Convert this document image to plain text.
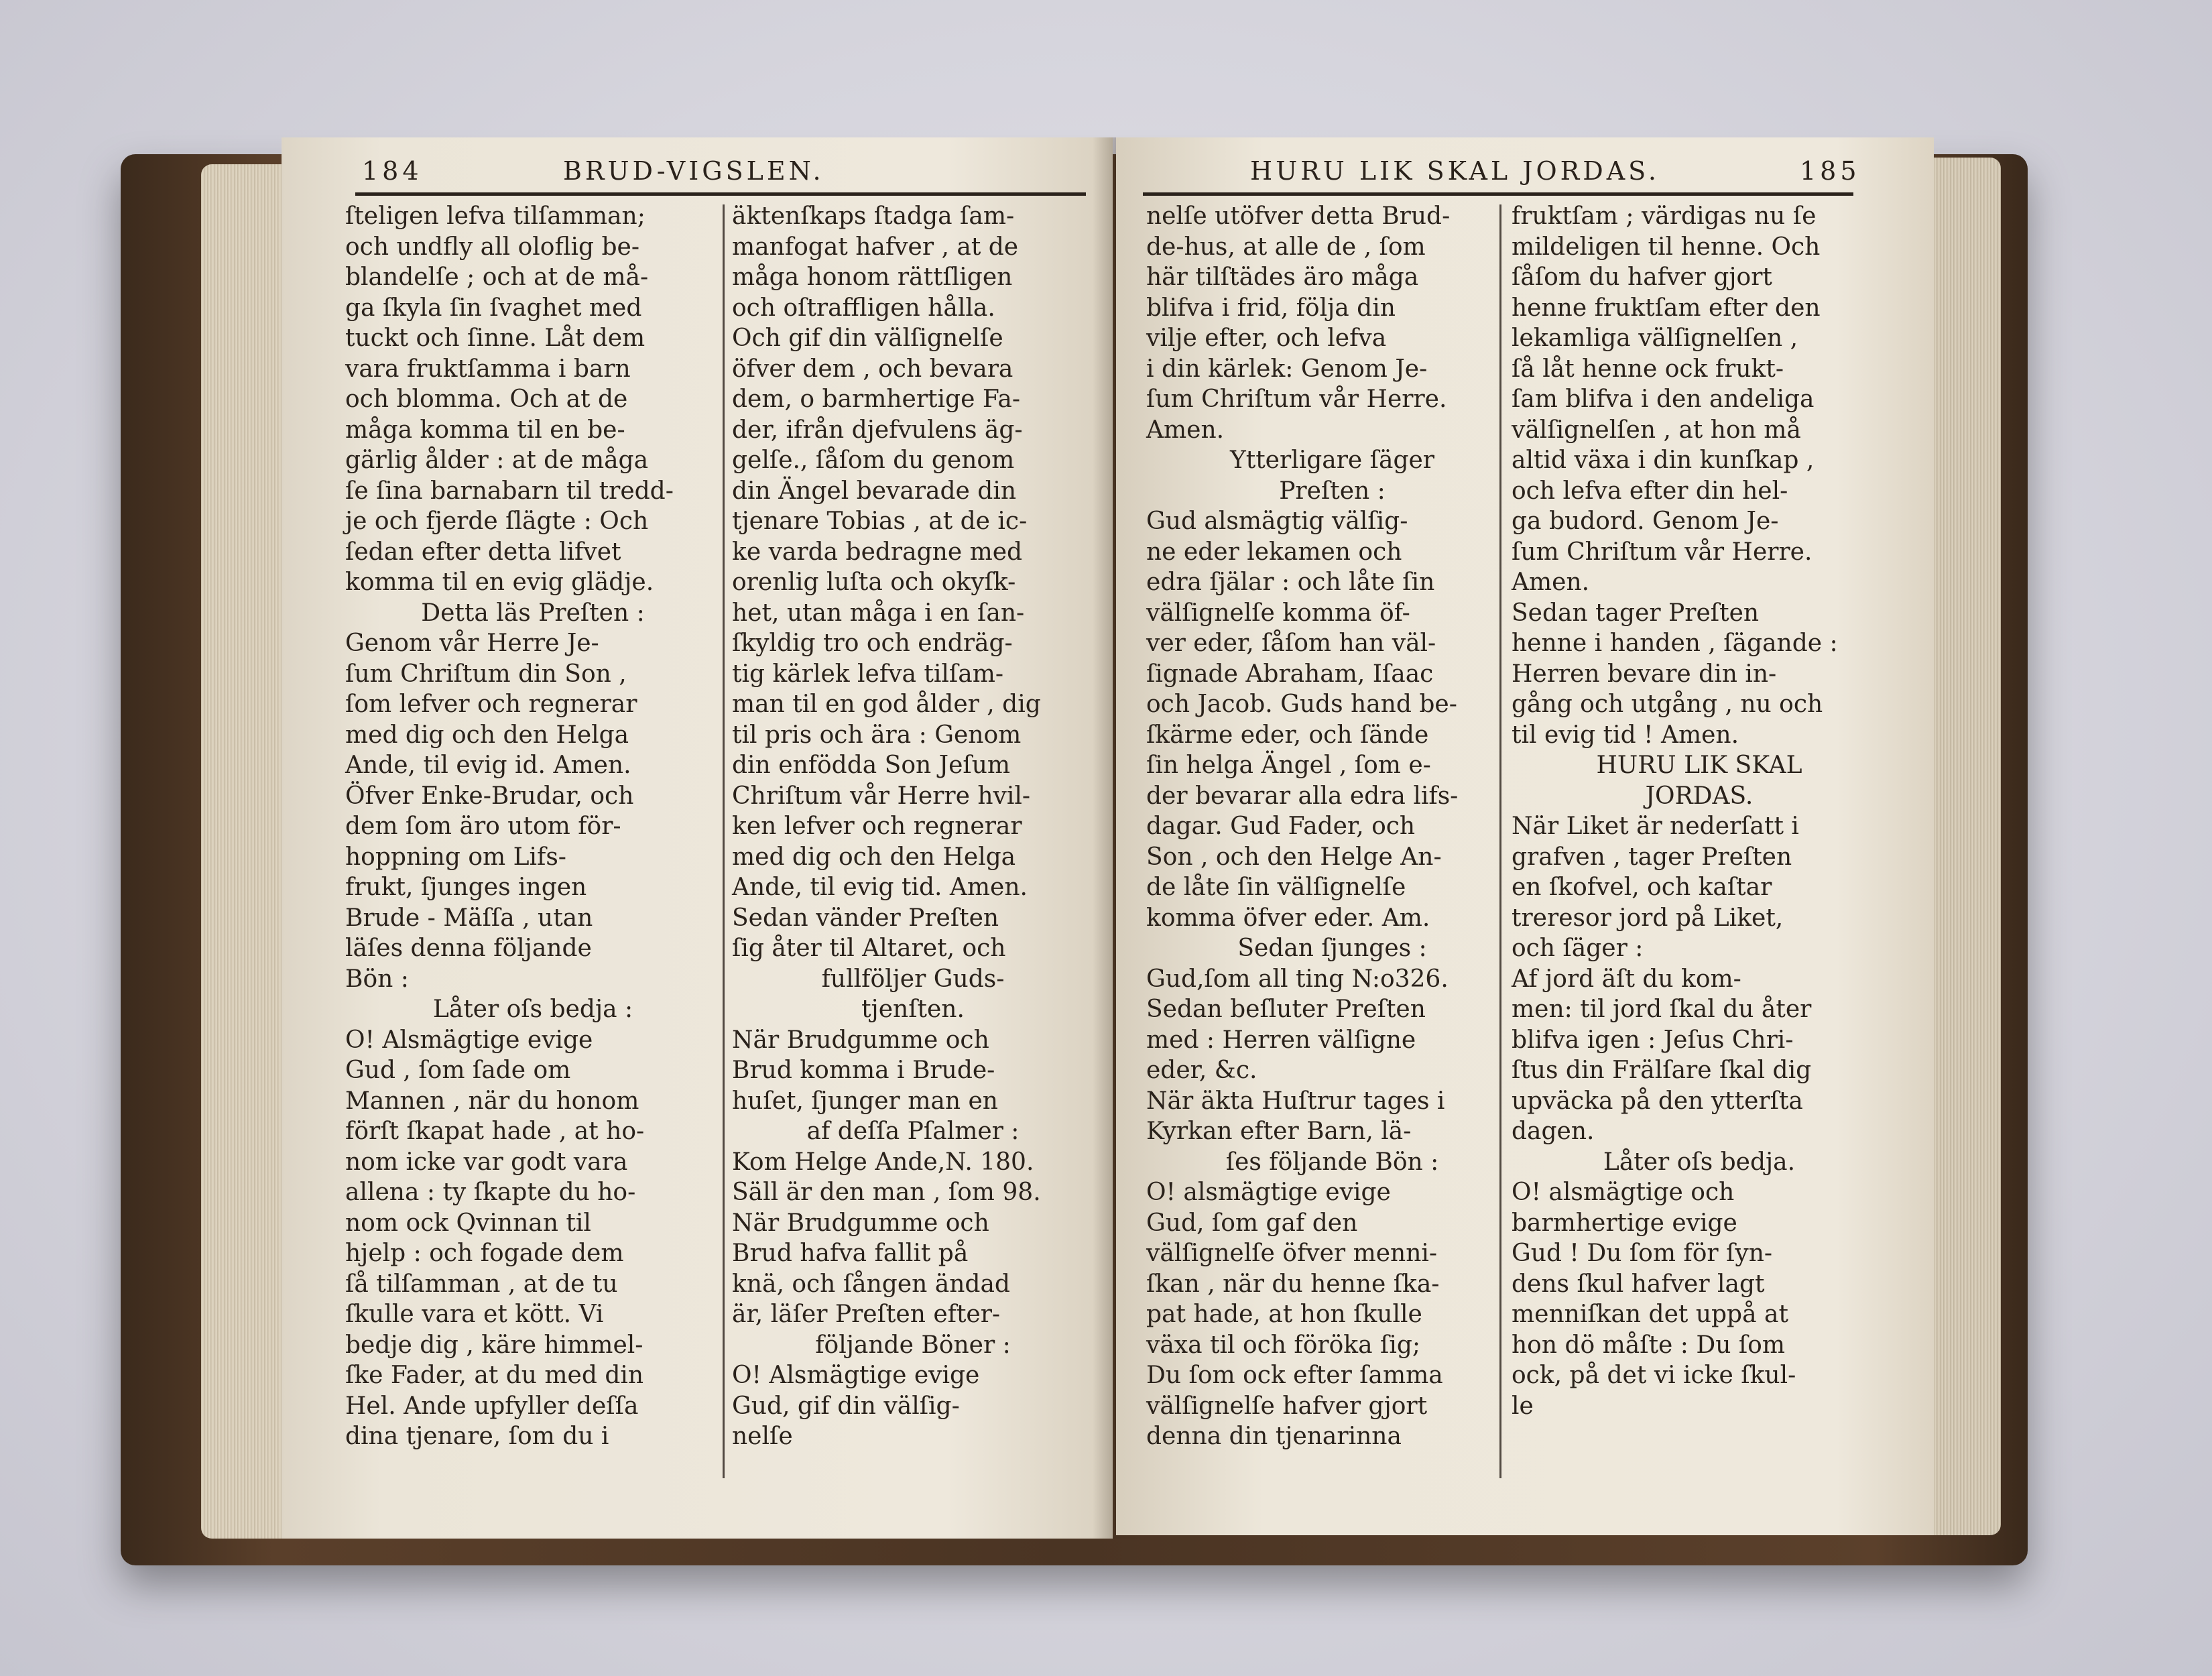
184	BRUD-VIGSLEN.

ſteligen lefva tilſamman;

och undfly all oloflig be-

blandelſe ; och at de må-

ga ſkyla ſin ſvaghet med

tuckt och ſinne. Låt dem

vara fruktſamma i barn

och blomma. Och at de

måga komma til en be-

gärlig ålder : at de måga

ſe ſina barnabarn til tredd-

je och fjerde ſlägte : Och

ſedan efter detta lifvet

komma til en evig glädje.

Detta läs Preſten :

Genom vår Herre Je-

ſum Chriſtum din Son ,

ſom lefver och regnerar

med dig och den Helga

Ande, til evig id. Amen.

Öfver Enke-Brudar, och

dem ſom äro utom för-

hoppning om Lifs-

frukt, ſjunges ingen

Brude - Mäſſa , utan

läſes denna följande

Bön :

Låter oſs bedja :

O! Alsmägtige evige

Gud , ſom ſade om

Mannen , när du honom

förſt ſkapat hade , at ho-

nom icke var godt vara

allena : ty ſkapte du ho-

nom ock Qvinnan til

hjelp : och fogade dem

ſå tilſamman , at de tu

ſkulle vara et kött. Vi

bedje dig , käre himmel-

ſke Fader, at du med din

Hel. Ande upfyller deſſa

dina tjenare, ſom du i

äktenſkaps ſtadga ſam-

manfogat hafver , at de

måga honom rättſligen

och oſtraffligen hålla.

Och gif din välſignelſe

öfver dem , och bevara

dem, o barmhertige Fa-

der, ifrån djefvulens äg-

gelſe., ſåſom du genom

din Ängel bevarade din

tjenare Tobias , at de ic-

ke varda bedragne med

orenlig luſta och okyſk-

het, utan måga i en ſan-

ſkyldig tro och endräg-

tig kärlek lefva tilſam-

man til en god ålder , dig

til pris och ära : Genom

din enfödda Son Jeſum

Chriſtum vår Herre hvil-

ken lefver och regnerar

med dig och den Helga

Ande, til evig tid. Amen.

Sedan vänder Preſten

ſig åter til Altaret, och

fullföljer Guds-

tjenſten.

När Brudgumme och

Brud komma i Brude-

huſet, ſjunger man en

af deſſa Pſalmer :

Kom Helge Ande,N. 180.

Säll är den man , ſom 98.

När Brudgumme och

Brud hafva fallit på

knä, och ſången ändad

är, läſer Preſten efter-

följande Böner :

O! Alsmägtige evige

Gud, gif din välſig-

nelſe

HURU LIK SKAL JORDAS.	185

nelſe utöfver detta Brud-

de-hus, at alle de , ſom

här tilſtädes äro måga

blifva i frid, följa din

vilje efter, och lefva

i din kärlek: Genom Je-

ſum Chriſtum vår Herre.

Amen.

Ytterligare ſäger

Preſten :

Gud alsmägtig välſig-

ne eder lekamen och

edra ſjälar : och låte ſin

välſignelſe komma öf-

ver eder, ſåſom han väl-

ſignade Abraham, Iſaac

och Jacob. Guds hand be-

ſkärme eder, och ſände

ſin helga Ängel , ſom e-

der bevarar alla edra lifs-

dagar. Gud Fader, och

Son , och den Helge An-

de låte ſin välſignelſe

komma öfver eder. Am.

Sedan ſjunges :

Gud,ſom all ting N:o326.

Sedan beſluter Preſten

med : Herren välſigne

eder, &c.

När äkta Huſtrur tages i

Kyrkan efter Barn, lä-

ſes följande Bön :

O! alsmägtige evige

Gud, ſom gaf den

välſignelſe öfver menni-

ſkan , när du henne ſka-

pat hade, at hon ſkulle

växa til och föröka ſig;

Du ſom ock efter ſamma

välſignelſe hafver gjort

denna din tjenarinna

fruktſam ; värdigas nu ſe

mildeligen til henne. Och

ſåſom du hafver gjort

henne fruktſam efter den

lekamliga välſignelſen ,

ſå låt henne ock frukt-

ſam blifva i den andeliga

välſignelſen , at hon må

altid växa i din kunſkap ,

och lefva efter din hel-

ga budord. Genom Je-

ſum Chriſtum vår Herre.

Amen.

Sedan tager Preſten

henne i handen , ſägande :

Herren bevare din in-

gång och utgång , nu och

til evig tid ! Amen.

HURU LIK SKAL

JORDAS.

När Liket är nederſatt i

grafven , tager Preſten

en ſkofvel, och kaſtar

treresor jord på Liket,

och ſäger :

Af jord äſt du kom-

men: til jord ſkal du åter

blifva igen : Jeſus Chri-

ſtus din Frälſare ſkal dig

upväcka på den ytterſta

dagen.

Låter oſs bedja.

O! alsmägtige och

barmhertige evige

Gud ! Du ſom för ſyn-

dens ſkul hafver lagt

menniſkan det uppå at

hon dö måſte : Du ſom

ock, på det vi icke ſkul-

le
